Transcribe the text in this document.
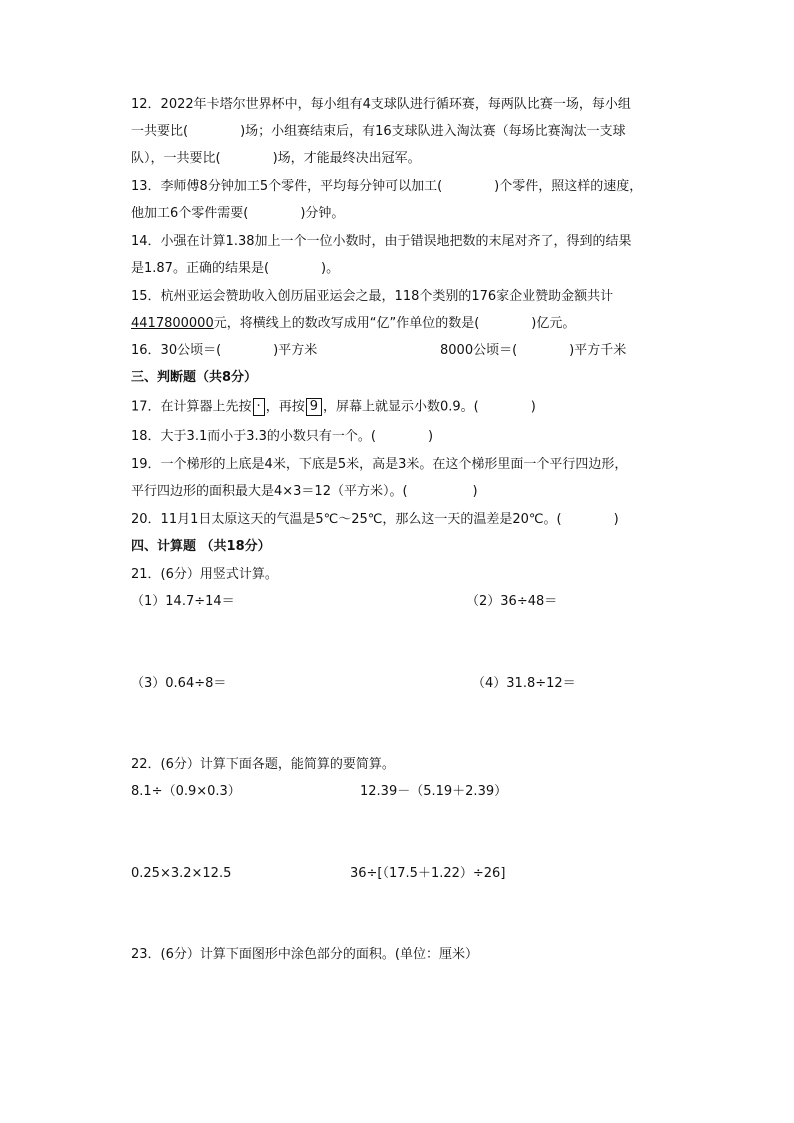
12．2022年卡塔尔世界杯中，每小组有4支球队进行循环赛，每两队比赛一场，每小组
一共要比(　　　　)场；小组赛结束后，有16支球队进入淘汰赛（每场比赛淘汰一支球
队），一共要比(　　　　)场，才能最终决出冠军。
13．李师傅8分钟加工5个零件，平均每分钟可以加工(　　　　)个零件，照这样的速度，
他加工6个零件需要(　　　　)分钟。
14．小强在计算1.38加上一个一位小数时，由于错误地把数的末尾对齐了，得到的结果
是1.87。正确的结果是(　　　　)。
15．杭州亚运会赞助收入创历届亚运会之最，118个类别的176家企业赞助金额共计
4417800000元，将横线上的数改写成用“亿”作单位的数是(　　　　)亿元。
16．30公顷＝(　　　　)平方米	8000公顷＝(　　　　)平方千米
三、判断题（共8分）
17．在计算器上先按 · ，再按 9 ，屏幕上就显示小数0.9。(　　　　)
18．大于3.1而小于3.3的小数只有一个。(　　　　)
19．一个梯形的上底是4米，下底是5米，高是3米。在这个梯形里面一个平行四边形，
平行四边形的面积最大是4×3＝12（平方米）。(　　　　　)
20．11月1日太原这天的气温是5℃～25℃，那么这一天的温差是20℃。(　　　　)
四、计算题 （共18分）
21．(6分）用竖式计算。
（1）14.7÷14＝	（2）36÷48＝
（3）0.64÷8＝	（4）31.8÷12＝
22．(6分）计算下面各题，能简算的要简算。
8.1÷（0.9×0.3）	12.39－（5.19＋2.39）
0.25×3.2×12.5	36÷[（17.5＋1.22）÷26]
23．(6分）计算下面图形中涂色部分的面积。(单位：厘米）
